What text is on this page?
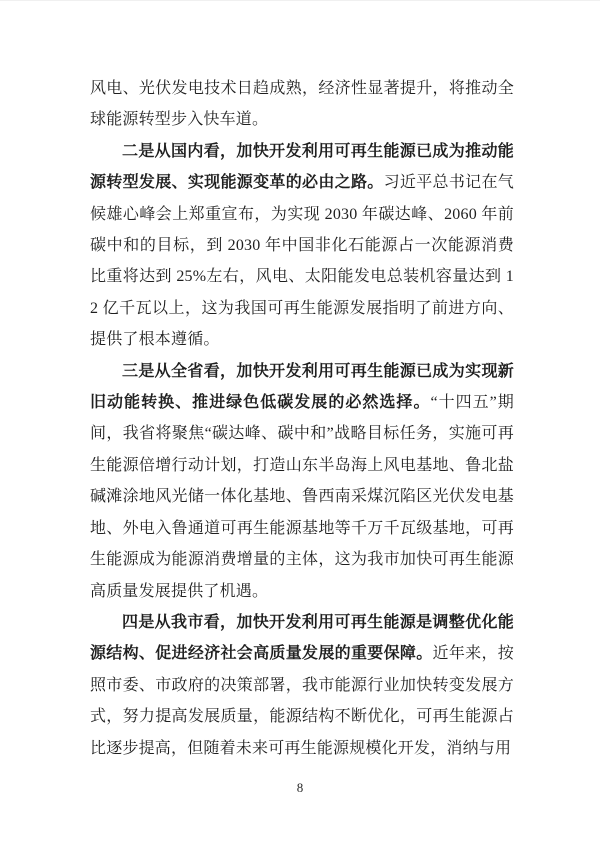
风电、光伏发电技术日趋成熟，经济性显著提升，将推动全球能源转型步入快车道。

二是从国内看，加快开发利用可再生能源已成为推动能源转型发展、实现能源变革的必由之路。习近平总书记在气候雄心峰会上郑重宣布，为实现 2030 年碳达峰、2060 年前碳中和的目标，到 2030 年中国非化石能源占一次能源消费比重将达到 25%左右，风电、太阳能发电总装机容量达到 12 亿千瓦以上，这为我国可再生能源发展指明了前进方向、提供了根本遵循。

三是从全省看，加快开发利用可再生能源已成为实现新旧动能转换、推进绿色低碳发展的必然选择。“十四五”期间，我省将聚焦“碳达峰、碳中和”战略目标任务，实施可再生能源倍增行动计划，打造山东半岛海上风电基地、鲁北盐碱滩涂地风光储一体化基地、鲁西南采煤沉陷区光伏发电基地、外电入鲁通道可再生能源基地等千万千瓦级基地，可再生能源成为能源消费增量的主体，这为我市加快可再生能源高质量发展提供了机遇。

四是从我市看，加快开发利用可再生能源是调整优化能源结构、促进经济社会高质量发展的重要保障。近年来，按照市委、市政府的决策部署，我市能源行业加快转变发展方式，努力提高发展质量，能源结构不断优化，可再生能源占比逐步提高，但随着未来可再生能源规模化开发，消纳与用

8
